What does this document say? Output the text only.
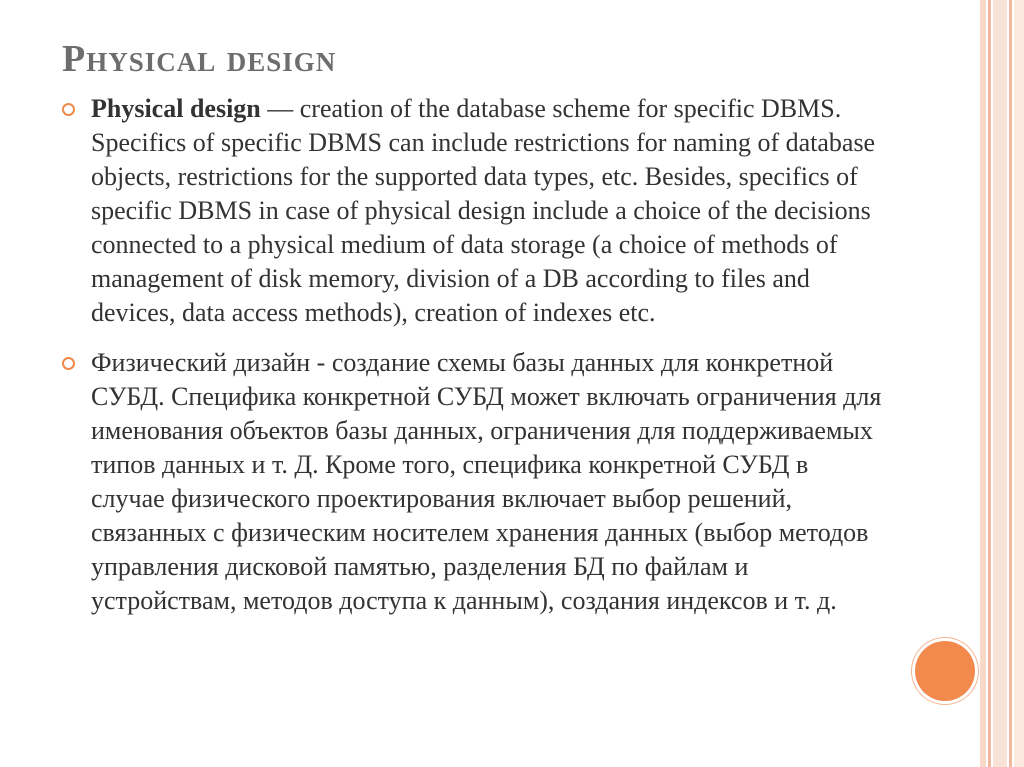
Physical design
Physical design — creation of the database scheme for specific DBMS. Specifics of specific DBMS can include restrictions for naming of database objects, restrictions for the supported data types, etc. Besides, specifics of specific DBMS in case of physical design include a choice of the decisions connected to a physical medium of data storage (a choice of methods of management of disk memory, division of a DB according to files and devices, data access methods), creation of indexes etc.
Физический дизайн - создание схемы базы данных для конкретной СУБД. Специфика конкретной СУБД может включать ограничения для именования объектов базы данных, ограничения для поддерживаемых типов данных и т. Д. Кроме того, специфика конкретной СУБД в случае физического проектирования включает выбор решений, связанных с физическим носителем хранения данных (выбор методов управления дисковой памятью, разделения БД по файлам и устройствам, методов доступа к данным), создания индексов и т. д.
